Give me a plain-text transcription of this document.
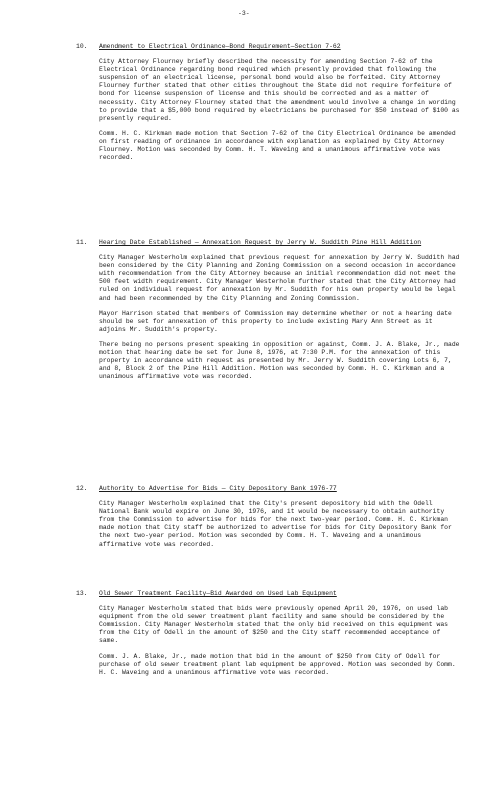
-3-
10.	Amendment to Electrical Ordinance—Bond Requirement—Section 7-62
City Attorney Flourney briefly described the necessity for amending Section 7-62 of the Electrical Ordinance regarding bond required which presently provided that following the suspension of an electrical license, personal bond would also be forfeited. City Attorney Flourney further stated that other cities throughout the State did not require forfeiture of bond for license suspension of license and this should be corrected and as a matter of necessity. City Attorney Flourney stated that the amendment would involve a change in wording to provide that a $5,000 bond required by electricians be purchased for $50 instead of $100 as presently required.
Comm. H. C. Kirkman made motion that Section 7-62 of the City Electrical Ordinance be amended on first reading of ordinance in accordance with explanation as explained by City Attorney Flourney. Motion was seconded by Comm. H. T. Waveing and a unanimous affirmative vote was recorded.
11.	Hearing Date Established — Annexation Request by Jerry W. Suddith Pine Hill Addition
City Manager Westerholm explained that previous request for annexation by Jerry W. Suddith had been considered by the City Planning and Zoning Commission on a second occasion in accordance with recommendation from the City Attorney because an initial recommendation did not meet the 500 feet width requirement. City Manager Westerholm further stated that the City Attorney had ruled on individual request for annexation by Mr. Suddith for his own property would be legal and had been recommended by the City Planning and Zoning Commission.
Mayor Harrison stated that members of Commission may determine whether or not a hearing date should be set for annexation of this property to include existing Mary Ann Street as it adjoins Mr. Suddith's property.
There being no persons present speaking in opposition or against, Comm. J. A. Blake, Jr., made motion that hearing date be set for June 8, 1976, at 7:30 P.M. for the annexation of this property in accordance with request as presented by Mr. Jerry W. Suddith covering Lots 6, 7, and 8, Block 2 of the Pine Hill Addition. Motion was seconded by Comm. H. C. Kirkman and a unanimous affirmative vote was recorded.
12.	Authority to Advertise for Bids — City Depository Bank 1976-77
City Manager Westerholm explained that the City's present depository bid with the Odell National Bank would expire on June 30, 1976, and it would be necessary to obtain authority from the Commission to advertise for bids for the next two-year period. Comm. H. C. Kirkman made motion that City staff be authorized to advertise for bids for City Depository Bank for the next two-year period. Motion was seconded by Comm. H. T. Waveing and a unanimous affirmative vote was recorded.
13.	Old Sewer Treatment Facility—Bid Awarded on Used Lab Equipment
City Manager Westerholm stated that bids were previously opened April 20, 1976, on used lab equipment from the old sewer treatment plant facility and same should be considered by the Commission. City Manager Westerholm stated that the only bid received on this equipment was from the City of Odell in the amount of $250 and the City staff recommended acceptance of same.
Comm. J. A. Blake, Jr., made motion that bid in the amount of $250 from City of Odell for purchase of old sewer treatment plant lab equipment be approved. Motion was seconded by Comm. H. C. Waveing and a unanimous affirmative vote was recorded.
